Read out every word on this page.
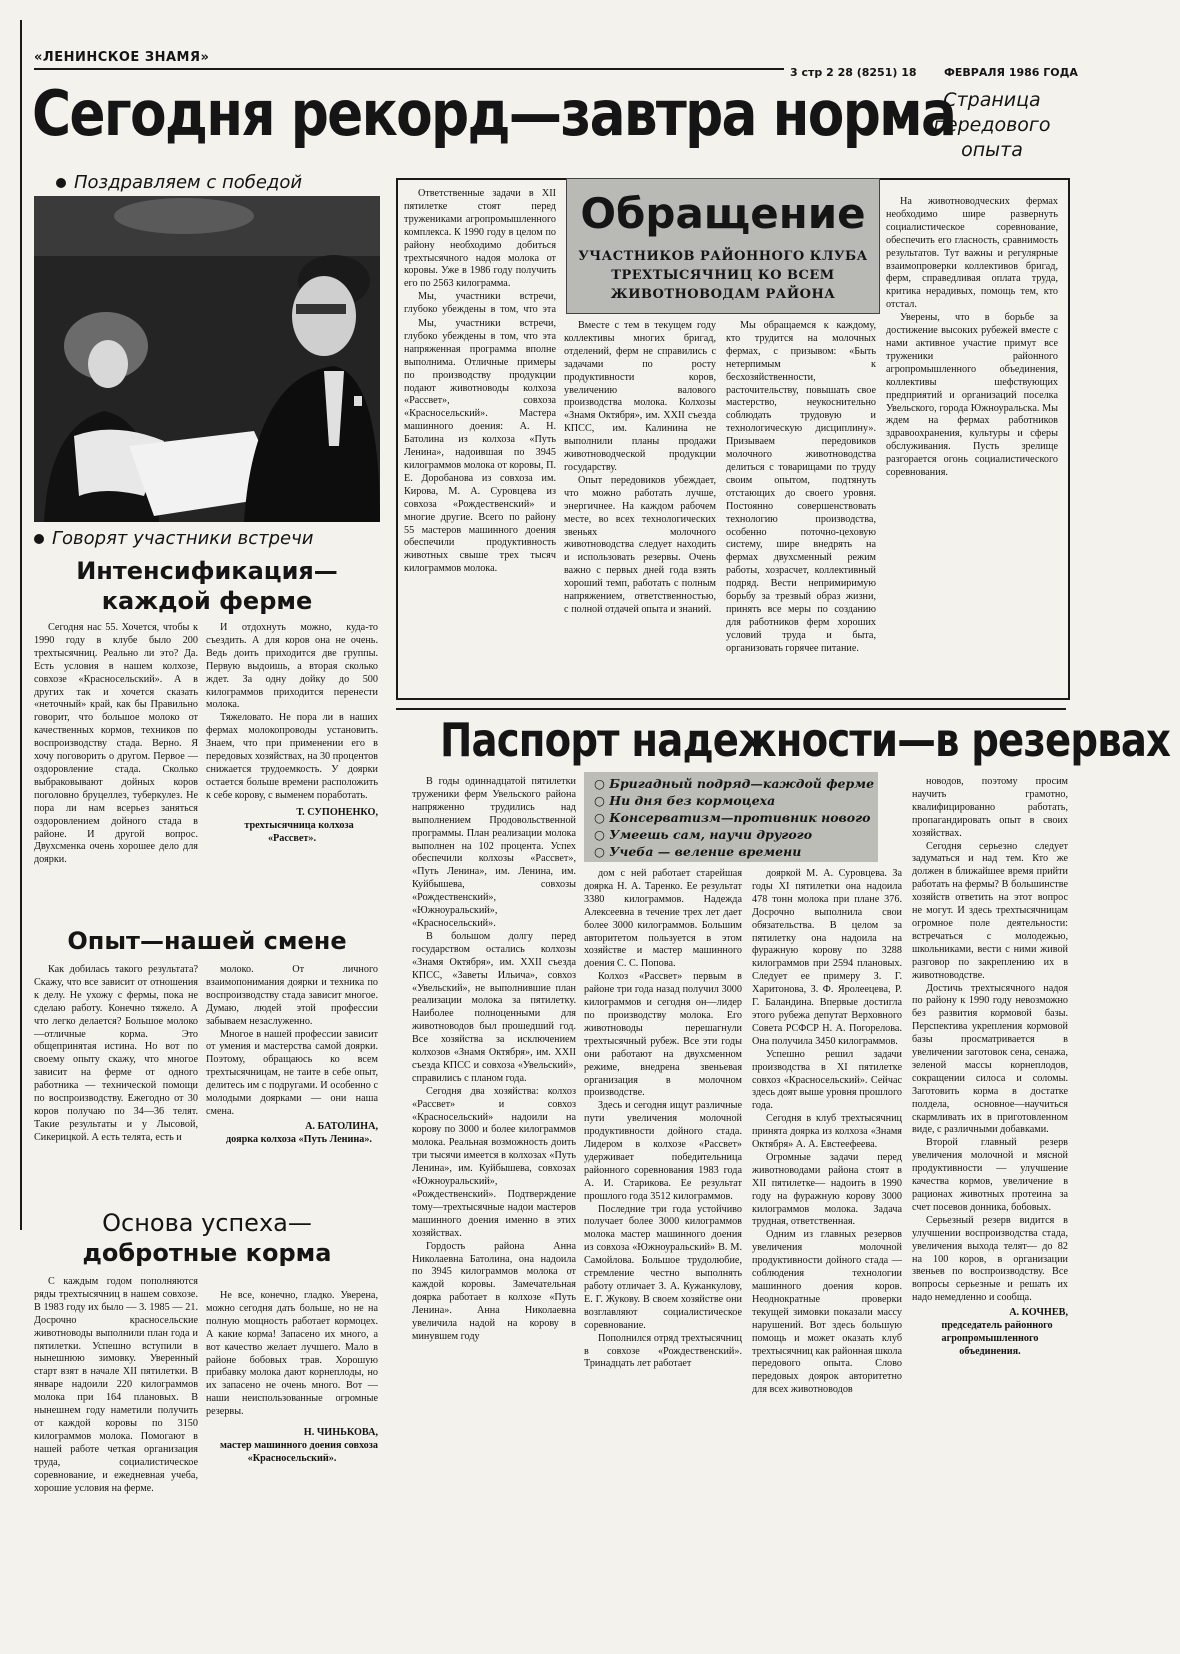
«ЛЕНИНСКОЕ ЗНАМЯ»
3 стр 2 28 (8251) 18 ФЕВРАЛЯ 1986 ГОДА
Сегодня рекорд—завтра норма
Страница
передового
опыта
Поздравляем с победой
Говорят участники встречи
Интенсификация—
каждой ферме

Сегодня нас 55. Хочется, чтобы к 1990 году в клубе было 200 трехтысячниц. Реально ли это? Да. Есть условия в нашем колхозе, совхозе «Красносельский». А в других так и хочется сказать «неточный» край, как бы Правильно говорит, что большое молоко от качественных кормов, техников по воспроизводству стада. Верно. Я хочу поговорить о другом. Первое — оздоровление стада. Сколько выбраковывают дойных коров поголовно бруцеллез, туберкулез. Не пора ли нам всерьез заняться оздоровлением дойного стада в районе. И другой вопрос. Двухсменка очень хорошее дело для доярки.

И отдохнуть можно, куда-то съездить. А для коров она не очень. Ведь доить приходится две группы. Первую выдоишь, а вторая сколько ждет. За одну дойку до 500 килограммов приходится перенести молока.

Тяжеловато. Не пора ли в наших фермах молокопроводы установить. Знаем, что при применении его в передовых хозяйствах, на 30 процентов снижается трудоемкость. У доярки остается больше времени расположить к себе корову, с выменем поработать.

Т. СУПОНЕНКО,

трехтысячница колхоза «Рассвет».

Опыт—нашей смене

Как добилась такого результата? Скажу, что все зависит от отношения к делу. Не ухожу с фермы, пока не сделаю работу. Конечно тяжело. А что легко делается? Большое молоко—отличные корма. Это общепринятая истина. Но вот по своему опыту скажу, что многое зависит на ферме от одного работника — технической помощи по воспроизводству. Ежегодно от 30 коров получаю по 34—36 телят. Такие результаты и у Лысовой, Сикерицкой. А есть телята, есть и

молоко. От личного взаимопонимания доярки и техника по воспроизводству стада зависит многое. Думаю, людей этой профессии забываем незаслуженно.

Многое в нашей профессии зависит от умения и мастерства самой доярки. Поэтому, обращаюсь ко всем трехтысячницам, не таите в себе опыт, делитесь им с подругами. И особенно с молодыми доярками — они наша смена.

А. БАТОЛИНА,

доярка колхоза «Путь Ленина».

Основа успеха—
добротные корма

С каждым годом пополняются ряды трехтысячниц в нашем совхозе. В 1983 году их было — 3. 1985 — 21. Досрочно красносельские животноводы выполнили план года и пятилетки. Успешно вступили в нынешнюю зимовку. Уверенный старт взят в начале XII пятилетки. В январе надоили 220 килограммов молока при 164 плановых. В нынешнем году наметили получить от каждой коровы по 3150 килограммов молока. Помогают в нашей работе четкая организация труда, социалистическое соревнование, и ежедневная учеба, хорошие условия на ферме.

Не все, конечно, гладко. Уверена, можно сегодня дать больше, но не на полную мощность работает кормоцех. А какие корма! Запасено их много, а вот качество желает лучшего. Мало в районе бобовых трав. Хорошую прибавку молока дают корнеплоды, но их запасено не очень много. Вот — наши неиспользованные огромные резервы.

Н. ЧИНЬКОВА,

мастер машинного доения совхоза «Красносельский».

Обращение
УЧАСТНИКОВ РАЙОННОГО КЛУБА
ТРЕХТЫСЯЧНИЦ КО ВСЕМ
ЖИВОТНОВОДАМ РАЙОНА

Ответственные задачи в XII пятилетке стоят перед тружениками агропромышленного комплекса. К 1990 году в целом по району необходимо добиться трехтысячного надоя молока от коровы. Уже в 1986 году получить его по 2563 килограмма.

Мы, участники встречи, глубоко убеждены в том, что эта

Мы, участники встречи, глубоко убеждены в том, что эта напряженная программа вполне выполнима. Отличные примеры по производству продукции подают животноводы колхоза «Рассвет», совхоза «Красносельский». Мастера машинного доения: А. Н. Батолина из колхоза «Путь Ленина», надоившая по 3945 килограммов молока от коровы, П. Е. Доробанова из совхоза им. Кирова, М. А. Суровцева из совхоза «Рождественский» и многие другие. Всего по району 55 мастеров машинного доения обеспечили продуктивность животных свыше трех тысяч килограммов молока.

Вместе с тем в текущем году коллективы многих бригад, отделений, ферм не справились с задачами по росту продуктивности коров, увеличению валового производства молока. Колхозы «Знамя Октября», им. XXII съезда КПСС, им. Калинина не выполнили планы продажи животноводческой продукции государству.

Опыт передовиков убеждает, что можно работать лучше, энергичнее. На каждом рабочем месте, во всех технологических звеньях молочного животноводства следует находить и использовать резервы. Очень важно с первых дней года взять хороший темп, работать с полным напряжением, ответственностью, с полной отдачей опыта и знаний.

Мы обращаемся к каждому, кто трудится на молочных фермах, с призывом: «Быть нетерпимым к бесхозяйственности, расточительству, повышать свое мастерство, неукоснительно соблюдать трудовую и технологическую дисциплину». Призываем передовиков молочного животноводства делиться с товарищами по труду своим опытом, подтянуть отстающих до своего уровня. Постоянно совершенствовать технологию производства, особенно поточно-цеховую систему, шире внедрять на фермах двухсменный режим работы, хозрасчет, коллективный подряд. Вести непримиримую борьбу за трезвый образ жизни, принять все меры по созданию для работников ферм хороших условий труда и быта, организовать горячее питание.

На животноводческих фермах необходимо шире развернуть социалистическое соревнование, обеспечить его гласность, сравнимость результатов. Тут важны и регулярные взаимопроверки коллективов бригад, ферм, справедливая оплата труда, критика нерадивых, помощь тем, кто отстал.

Уверены, что в борьбе за достижение высоких рубежей вместе с нами активное участие примут все труженики районного агропромышленного объединения, коллективы шефствующих предприятий и организаций поселка Увельского, города Южноуральска. Мы ждем на фермах работников здравоохранения, культуры и сферы обслуживания. Пусть зрелище разгорается огонь социалистического соревнования.

Паспорт надежности—в резервах
○ Бригадный подряд—каждой ферме
○ Ни дня без кормоцеха
○ Консерватизм—противник нового
○ Умеешь сам, научи другого
○ Учеба — веление времени

В годы одиннадцатой пятилетки труженики ферм Увельского района напряженно трудились над выполнением Продовольственной программы. План реализации молока выполнен на 102 процента. Успех обеспечили колхозы «Рассвет», «Путь Ленина», им. Ленина, им. Куйбышева, совхозы «Рождественский», «Южноуральский», «Красносельский».

В большом долгу перед государством остались колхозы «Знамя Октября», им. XXII съезда КПСС, «Заветы Ильича», совхоз «Увельский», не выполнившие план реализации молока за пятилетку. Наиболее полноценными для животноводов был прошедший год. Все хозяйства за исключением колхозов «Знамя Октября», им. XXII съезда КПСС и совхоза «Увельский», справились с планом года.

Сегодня два хозяйства: колхоз «Рассвет» и совхоз «Красносельский» надоили на корову по 3000 и более килограммов молока. Реальная возможность доить три тысячи имеется в колхозах «Путь Ленина», им. Куйбышева, совхозах «Южноуральский», «Рождественский». Подтверждение тому—трехтысячные надои мастеров машинного доения именно в этих хозяйствах.

Гордость района Анна Николаевна Батолина, она надоила по 3945 килограммов молока от каждой коровы. Замечательная доярка работает в колхозе «Путь Ленина». Анна Николаевна увеличила надой на корову в минувшем году

дом с ней работает старейшая доярка Н. А. Таренко. Ее результат 3380 килограммов. Надежда Алексеевна в течение трех лет дает более 3000 килограммов. Большим авторитетом пользуется в этом хозяйстве и мастер машинного доения С. С. Попова.

Колхоз «Рассвет» первым в районе три года назад получил 3000 килограммов и сегодня он—лидер по производству молока. Его животноводы перешагнули трехтысячный рубеж. Все эти годы они работают на двухсменном режиме, внедрена звеньевая организация в молочном производстве.

Здесь и сегодня ищут различные пути увеличения молочной продуктивности дойного стада. Лидером в колхозе «Рассвет» удерживает победительница районного соревнования 1983 года А. И. Старикова. Ее результат прошлого года 3512 килограммов.

Последние три года устойчиво получает более 3000 килограммов молока мастер машинного доения из совхоза «Южноуральский» В. М. Самойлова. Большое трудолюбие, стремление честно выполнять работу отличает З. А. Кужанкулову, Е. Г. Жукову. В своем хозяйстве они возглавляют социалистическое соревнование.

Пополнился отряд трехтысячниц в совхозе «Рождественский». Тринадцать лет работает

дояркой М. А. Суровцева. За годы XI пятилетки она надоила 478 тонн молока при плане 376. Досрочно выполнила свои обязательства. В целом за пятилетку она надоила на фуражную корову по 3288 килограммов при 2594 плановых. Следует ее примеру З. Г. Харитонова, З. Ф. Яролеецева, Р. Г. Баландина. Впервые достигла этого рубежа депутат Верховного Совета РСФСР Н. А. Погорелова. Она получила 3450 килограммов.

Успешно решил задачи производства в XI пятилетке совхоз «Красносельский». Сейчас здесь доят выше уровня прошлого года.

Сегодня в клуб трехтысячниц принята доярка из колхоза «Знамя Октября» А. А. Евстеефеева.

Огромные задачи перед животноводами района стоят в XII пятилетке— надоить в 1990 году на фуражную корову 3000 килограммов молока. Задача трудная, ответственная.

Одним из главных резервов увеличения молочной продуктивности дойного стада —соблюдения технологии машинного доения коров. Неоднократные проверки текущей зимовки показали массу нарушений. Вот здесь большую помощь и может оказать клуб трехтысячниц как районная школа передового опыта. Слово передовых доярок авторитетно для всех животноводов

новодов, поэтому просим научить грамотно, квалифицированно работать, пропагандировать опыт в своих хозяйствах.

Сегодня серьезно следует задуматься и над тем. Кто же должен в ближайшее время прийти работать на фермы? В большинстве хозяйств ответить на этот вопрос не могут. И здесь трехтысячницам огромное поле деятельности: встречаться с молодежью, школьниками, вести с ними живой разговор по закреплению их в животноводстве.

Достичь трехтысячного надоя по району к 1990 году невозможно без развития кормовой базы. Перспектива укрепления кормовой базы просматривается в увеличении заготовок сена, сенажа, зеленой массы корнеплодов, сокращении силоса и соломы. Заготовить корма в достатке полдела, основное—научиться скармливать их в приготовленном виде, с различными добавками.

Второй главный резерв увеличения молочной и мясной продуктивности — улучшение качества кормов, увеличение в рационах животных протеина за счет посевов донника, бобовых.

Серьезный резерв видится в улучшении воспроизводства стада, увеличения выхода телят— до 82 на 100 коров, в организации звеньев по воспроизводству. Все вопросы серьезные и решать их надо немедленно и сообща.

А. КОЧНЕВ,

председатель районного агропромышленного объединения.
